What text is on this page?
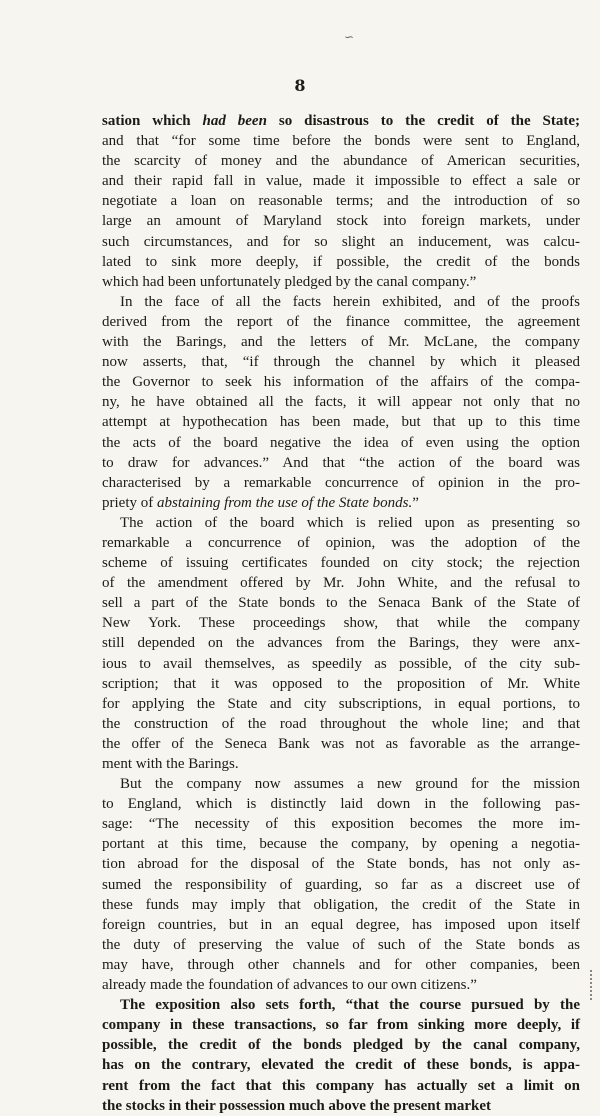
∽
8
sation which had been so disastrous to the credit of the State;
and that “for some time before the bonds were sent to England,
the scarcity of money and the abundance of American securities,
and their rapid fall in value, made it impossible to effect a sale or
negotiate a loan on reasonable terms; and the introduction of so
large an amount of Maryland stock into foreign markets, under
such circumstances, and for so slight an inducement, was calcu-
lated to sink more deeply, if possible, the credit of the bonds
which had been unfortunately pledged by the canal company.”
In the face of all the facts herein exhibited, and of the proofs
derived from the report of the finance committee, the agreement
with the Barings, and the letters of Mr. McLane, the company
now asserts, that, “if through the channel by which it pleased
the Governor to seek his information of the affairs of the compa-
ny, he have obtained all the facts, it will appear not only that no
attempt at hypothecation has been made, but that up to this time
the acts of the board negative the idea of even using the option
to draw for advances.” And that “the action of the board was
characterised by a remarkable concurrence of opinion in the pro-
priety of abstaining from the use of the State bonds.”
The action of the board which is relied upon as presenting so
remarkable a concurrence of opinion, was the adoption of the
scheme of issuing certificates founded on city stock; the rejection
of the amendment offered by Mr. John White, and the refusal to
sell a part of the State bonds to the Senaca Bank of the State of
New York. These proceedings show, that while the company
still depended on the advances from the Barings, they were anx-
ious to avail themselves, as speedily as possible, of the city sub-
scription; that it was opposed to the proposition of Mr. White
for applying the State and city subscriptions, in equal portions, to
the construction of the road throughout the whole line; and that
the offer of the Seneca Bank was not as favorable as the arrange-
ment with the Barings.
But the company now assumes a new ground for the mission
to England, which is distinctly laid down in the following pas-
sage: “The necessity of this exposition becomes the more im-
portant at this time, because the company, by opening a negotia-
tion abroad for the disposal of the State bonds, has not only as-
sumed the responsibility of guarding, so far as a discreet use of
these funds may imply that obligation, the credit of the State in
foreign countries, but in an equal degree, has imposed upon itself
the duty of preserving the value of such of the State bonds as
may have, through other channels and for other companies, been
already made the foundation of advances to our own citizens.”
The exposition also sets forth, “that the course pursued by the
company in these transactions, so far from sinking more deeply, if
possible, the credit of the bonds pledged by the canal company,
has on the contrary, elevated the credit of these bonds, is appa-
rent from the fact that this company has actually set a limit on
the stocks in their possession much above the present market
